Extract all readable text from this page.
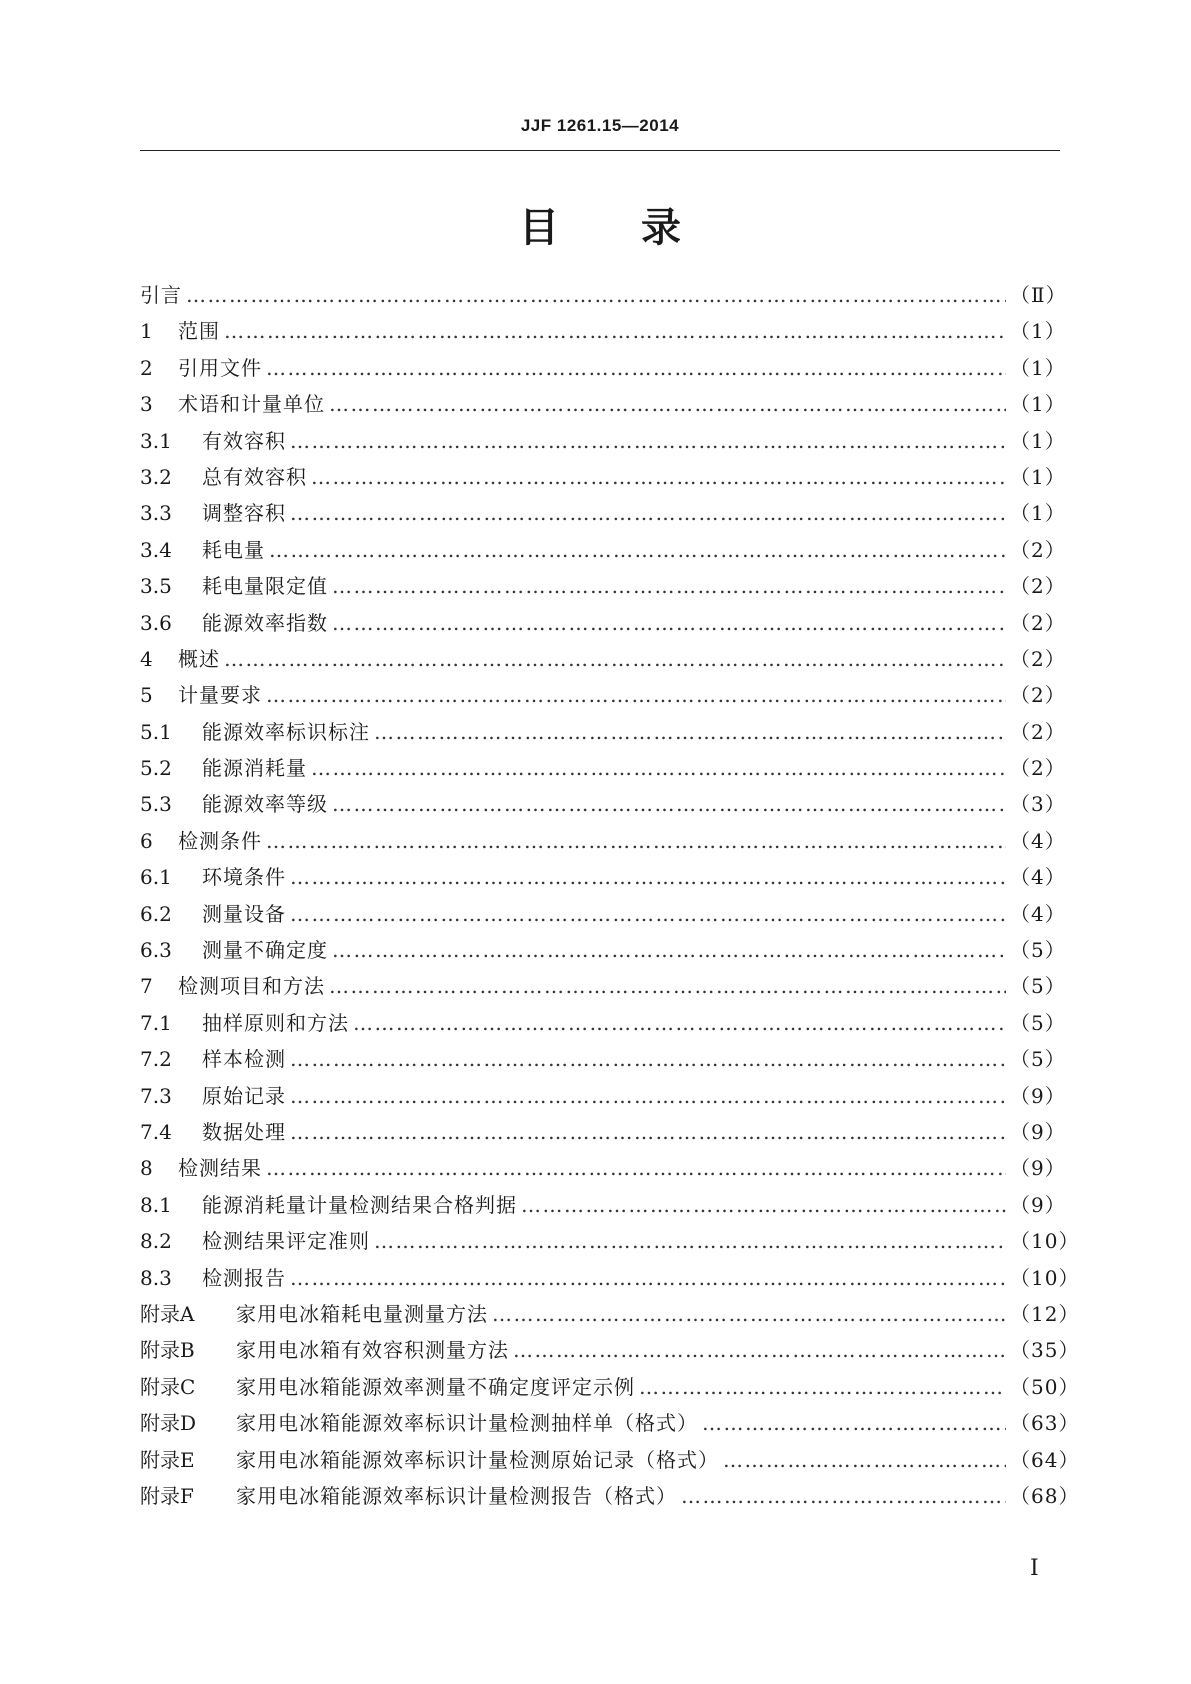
JJF 1261.15—2014
目 录
引言 ………………………………………………………………………………………………………………………………………………………………………………	（Ⅱ）
1	范围 ………………………………………………………………………………………………………………………………………………………………………………	（1）
2	引用文件 ………………………………………………………………………………………………………………………………………………………………………………	（1）
3	术语和计量单位 ………………………………………………………………………………………………………………………………………………………………………………	（1）
3.1	有效容积 ………………………………………………………………………………………………………………………………………………………………………………	（1）
3.2	总有效容积 ………………………………………………………………………………………………………………………………………………………………………………	（1）
3.3	调整容积 ………………………………………………………………………………………………………………………………………………………………………………	（1）
3.4	耗电量 ………………………………………………………………………………………………………………………………………………………………………………	（2）
3.5	耗电量限定值 ………………………………………………………………………………………………………………………………………………………………………………	（2）
3.6	能源效率指数 ………………………………………………………………………………………………………………………………………………………………………………	（2）
4	概述 ………………………………………………………………………………………………………………………………………………………………………………	（2）
5	计量要求 ………………………………………………………………………………………………………………………………………………………………………………	（2）
5.1	能源效率标识标注 ………………………………………………………………………………………………………………………………………………………………………………	（2）
5.2	能源消耗量 ………………………………………………………………………………………………………………………………………………………………………………	（2）
5.3	能源效率等级 ………………………………………………………………………………………………………………………………………………………………………………	（3）
6	检测条件 ………………………………………………………………………………………………………………………………………………………………………………	（4）
6.1	环境条件 ………………………………………………………………………………………………………………………………………………………………………………	（4）
6.2	测量设备 ………………………………………………………………………………………………………………………………………………………………………………	（4）
6.3	测量不确定度 ………………………………………………………………………………………………………………………………………………………………………………	（5）
7	检测项目和方法 ………………………………………………………………………………………………………………………………………………………………………………	（5）
7.1	抽样原则和方法 ………………………………………………………………………………………………………………………………………………………………………………	（5）
7.2	样本检测 ………………………………………………………………………………………………………………………………………………………………………………	（5）
7.3	原始记录 ………………………………………………………………………………………………………………………………………………………………………………	（9）
7.4	数据处理 ………………………………………………………………………………………………………………………………………………………………………………	（9）
8	检测结果 ………………………………………………………………………………………………………………………………………………………………………………	（9）
8.1	能源消耗量计量检测结果合格判据 ………………………………………………………………………………………………………………………………………………………………………………	（9）
8.2	检测结果评定准则 ………………………………………………………………………………………………………………………………………………………………………………	（10）
8.3	检测报告 ………………………………………………………………………………………………………………………………………………………………………………	（10）
附录A	家用电冰箱耗电量测量方法 ………………………………………………………………………………………………………………………………………………………………………………	（12）
附录B	家用电冰箱有效容积测量方法 ………………………………………………………………………………………………………………………………………………………………………………	（35）
附录C	家用电冰箱能源效率测量不确定度评定示例 ………………………………………………………………………………………………………………………………………………………………………………	（50）
附录D	家用电冰箱能源效率标识计量检测抽样单（格式） ………………………………………………………………………………………………………………………………………………………………………………	（63）
附录E	家用电冰箱能源效率标识计量检测原始记录（格式） ………………………………………………………………………………………………………………………………………………………………………………	（64）
附录F	家用电冰箱能源效率标识计量检测报告（格式） ………………………………………………………………………………………………………………………………………………………………………………	（68）
Ⅰ
